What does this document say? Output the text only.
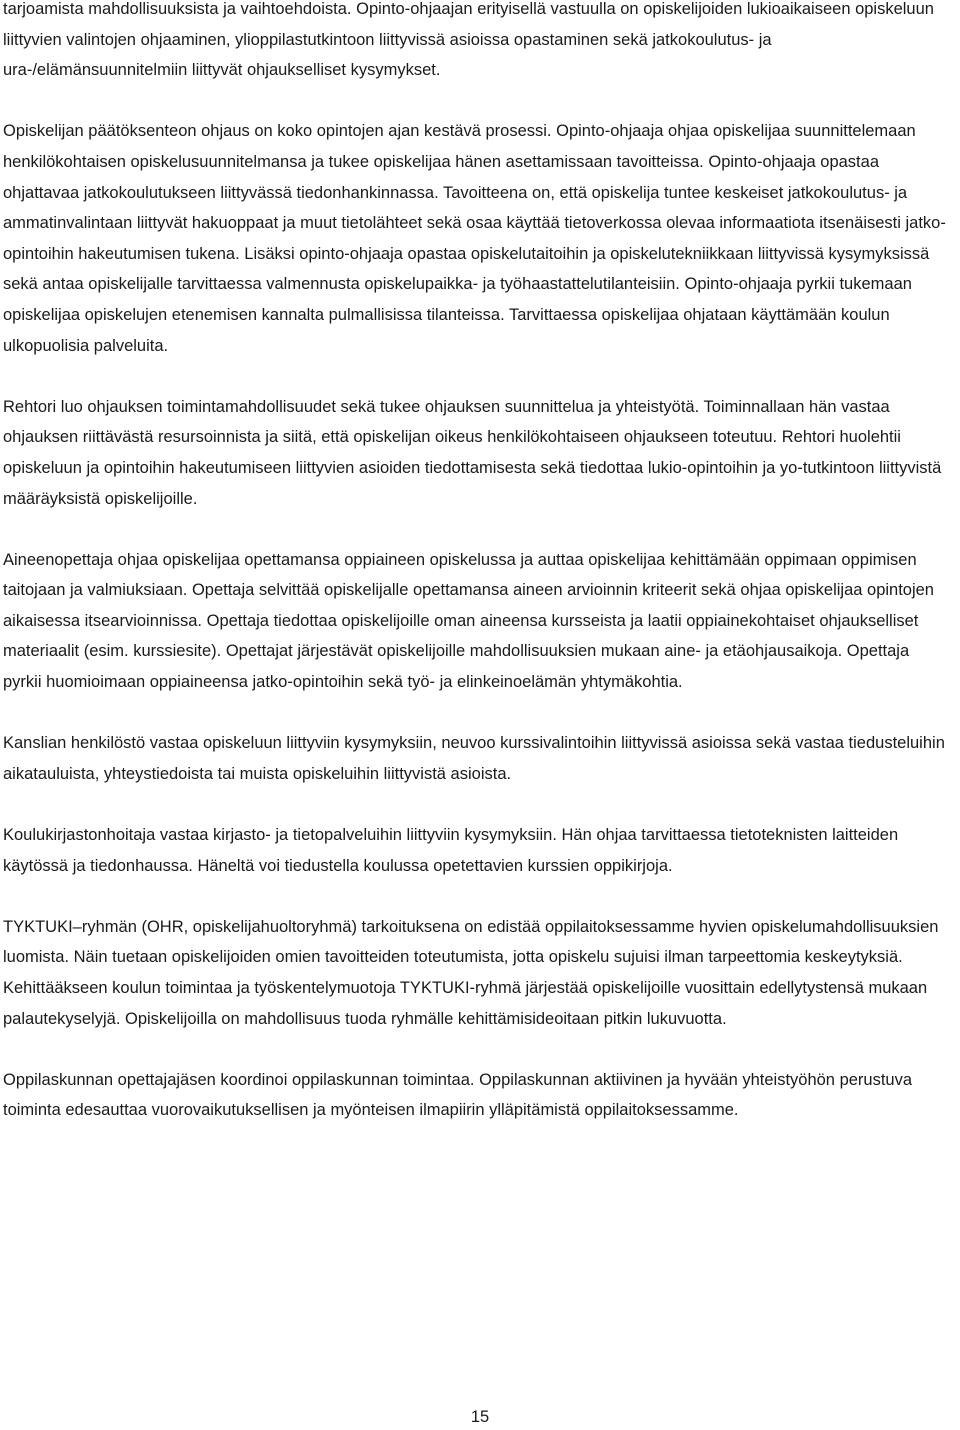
tarjoamista mahdollisuuksista ja vaihtoehdoista. Opinto-ohjaajan erityisellä vastuulla on opiskelijoiden lukioaikaiseen opiskeluun liittyvien valintojen ohjaaminen, ylioppilastutkintoon liittyvissä asioissa opastaminen sekä jatkokoulutus- ja ura-/elämänsuunnitelmiin liittyvät ohjaukselliset kysymykset.

Opiskelijan päätöksenteon ohjaus on koko opintojen ajan kestävä prosessi. Opinto-ohjaaja ohjaa opiskelijaa suunnittelemaan henkilökohtaisen opiskelusuunnitelmansa ja tukee opiskelijaa hänen asettamissaan tavoitteissa. Opinto-ohjaaja opastaa ohjattavaa jatkokoulutukseen liittyvässä tiedonhankinnassa. Tavoitteena on, että opiskelija tuntee keskeiset jatkokoulutus- ja ammatinvalintaan liittyvät hakuoppaat ja muut tietolähteet sekä osaa käyttää tietoverkossa olevaa informaatiota itsenäisesti jatko-opintoihin hakeutumisen tukena. Lisäksi opinto-ohjaaja opastaa opiskelutaitoihin ja opiskelutekniikkaan liittyvissä kysymyksissä sekä antaa opiskelijalle tarvittaessa valmennusta opiskelupaikka- ja työhaastattelutilanteisiin. Opinto-ohjaaja pyrkii tukemaan opiskelijaa opiskelujen etenemisen kannalta pulmallisissa tilanteissa. Tarvittaessa opiskelijaa ohjataan käyttämään koulun ulkopuolisia palveluita.

Rehtori luo ohjauksen toimintamahdollisuudet sekä tukee ohjauksen suunnittelua ja yhteistyötä. Toiminnallaan hän vastaa ohjauksen riittävästä resursoinnista ja siitä, että opiskelijan oikeus henkilökohtaiseen ohjaukseen toteutuu. Rehtori huolehtii opiskeluun ja opintoihin hakeutumiseen liittyvien asioiden tiedottamisesta sekä tiedottaa lukio-opintoihin ja yo-tutkintoon liittyvistä määräyksistä opiskelijoille.

Aineenopettaja ohjaa opiskelijaa opettamansa oppiaineen opiskelussa ja auttaa opiskelijaa kehittämään oppimaan oppimisen taitojaan ja valmiuksiaan. Opettaja selvittää opiskelijalle opettamansa aineen arvioinnin kriteerit sekä ohjaa opiskelijaa opintojen aikaisessa itsearvioinnissa. Opettaja tiedottaa opiskelijoille oman aineensa kursseista ja laatii oppiainekohtaiset ohjaukselliset materiaalit (esim. kurssiesite). Opettajat järjestävät opiskelijoille mahdollisuuksien mukaan aine- ja etäohjausaikoja. Opettaja pyrkii huomioimaan oppiaineensa jatko-opintoihin sekä työ- ja elinkeinoelämän yhtymäkohtia.

Kanslian henkilöstö vastaa opiskeluun liittyviin kysymyksiin, neuvoo kurssivalintoihin liittyvissä asioissa sekä vastaa tiedusteluihin aikatauluista, yhteystiedoista tai muista opiskeluihin liittyvistä asioista.

Koulukirjastonhoitaja vastaa kirjasto- ja tietopalveluihin liittyviin kysymyksiin. Hän ohjaa tarvittaessa tietoteknisten laitteiden käytössä ja tiedonhaussa. Häneltä voi tiedustella koulussa opetettavien kurssien oppikirjoja.

TYKTUKI–ryhmän (OHR, opiskelijahuoltoryhmä) tarkoituksena on edistää oppilaitoksessamme hyvien opiskelumahdollisuuksien luomista. Näin tuetaan opiskelijoiden omien tavoitteiden toteutumista, jotta opiskelu sujuisi ilman tarpeettomia keskeytyksiä. Kehittääkseen koulun toimintaa ja työskentelymuotoja TYKTUKI-ryhmä järjestää opiskelijoille vuosittain edellytystensä mukaan palautekyselyjä. Opiskelijoilla on mahdollisuus tuoda ryhmälle kehittämisideoitaan pitkin lukuvuotta.

Oppilaskunnan opettajajäsen koordinoi oppilaskunnan toimintaa. Oppilaskunnan aktiivinen ja hyvään yhteistyöhön perustuva toiminta edesauttaa vuorovaikutuksellisen ja myönteisen ilmapiirin ylläpitämistä oppilaitoksessamme.

15
